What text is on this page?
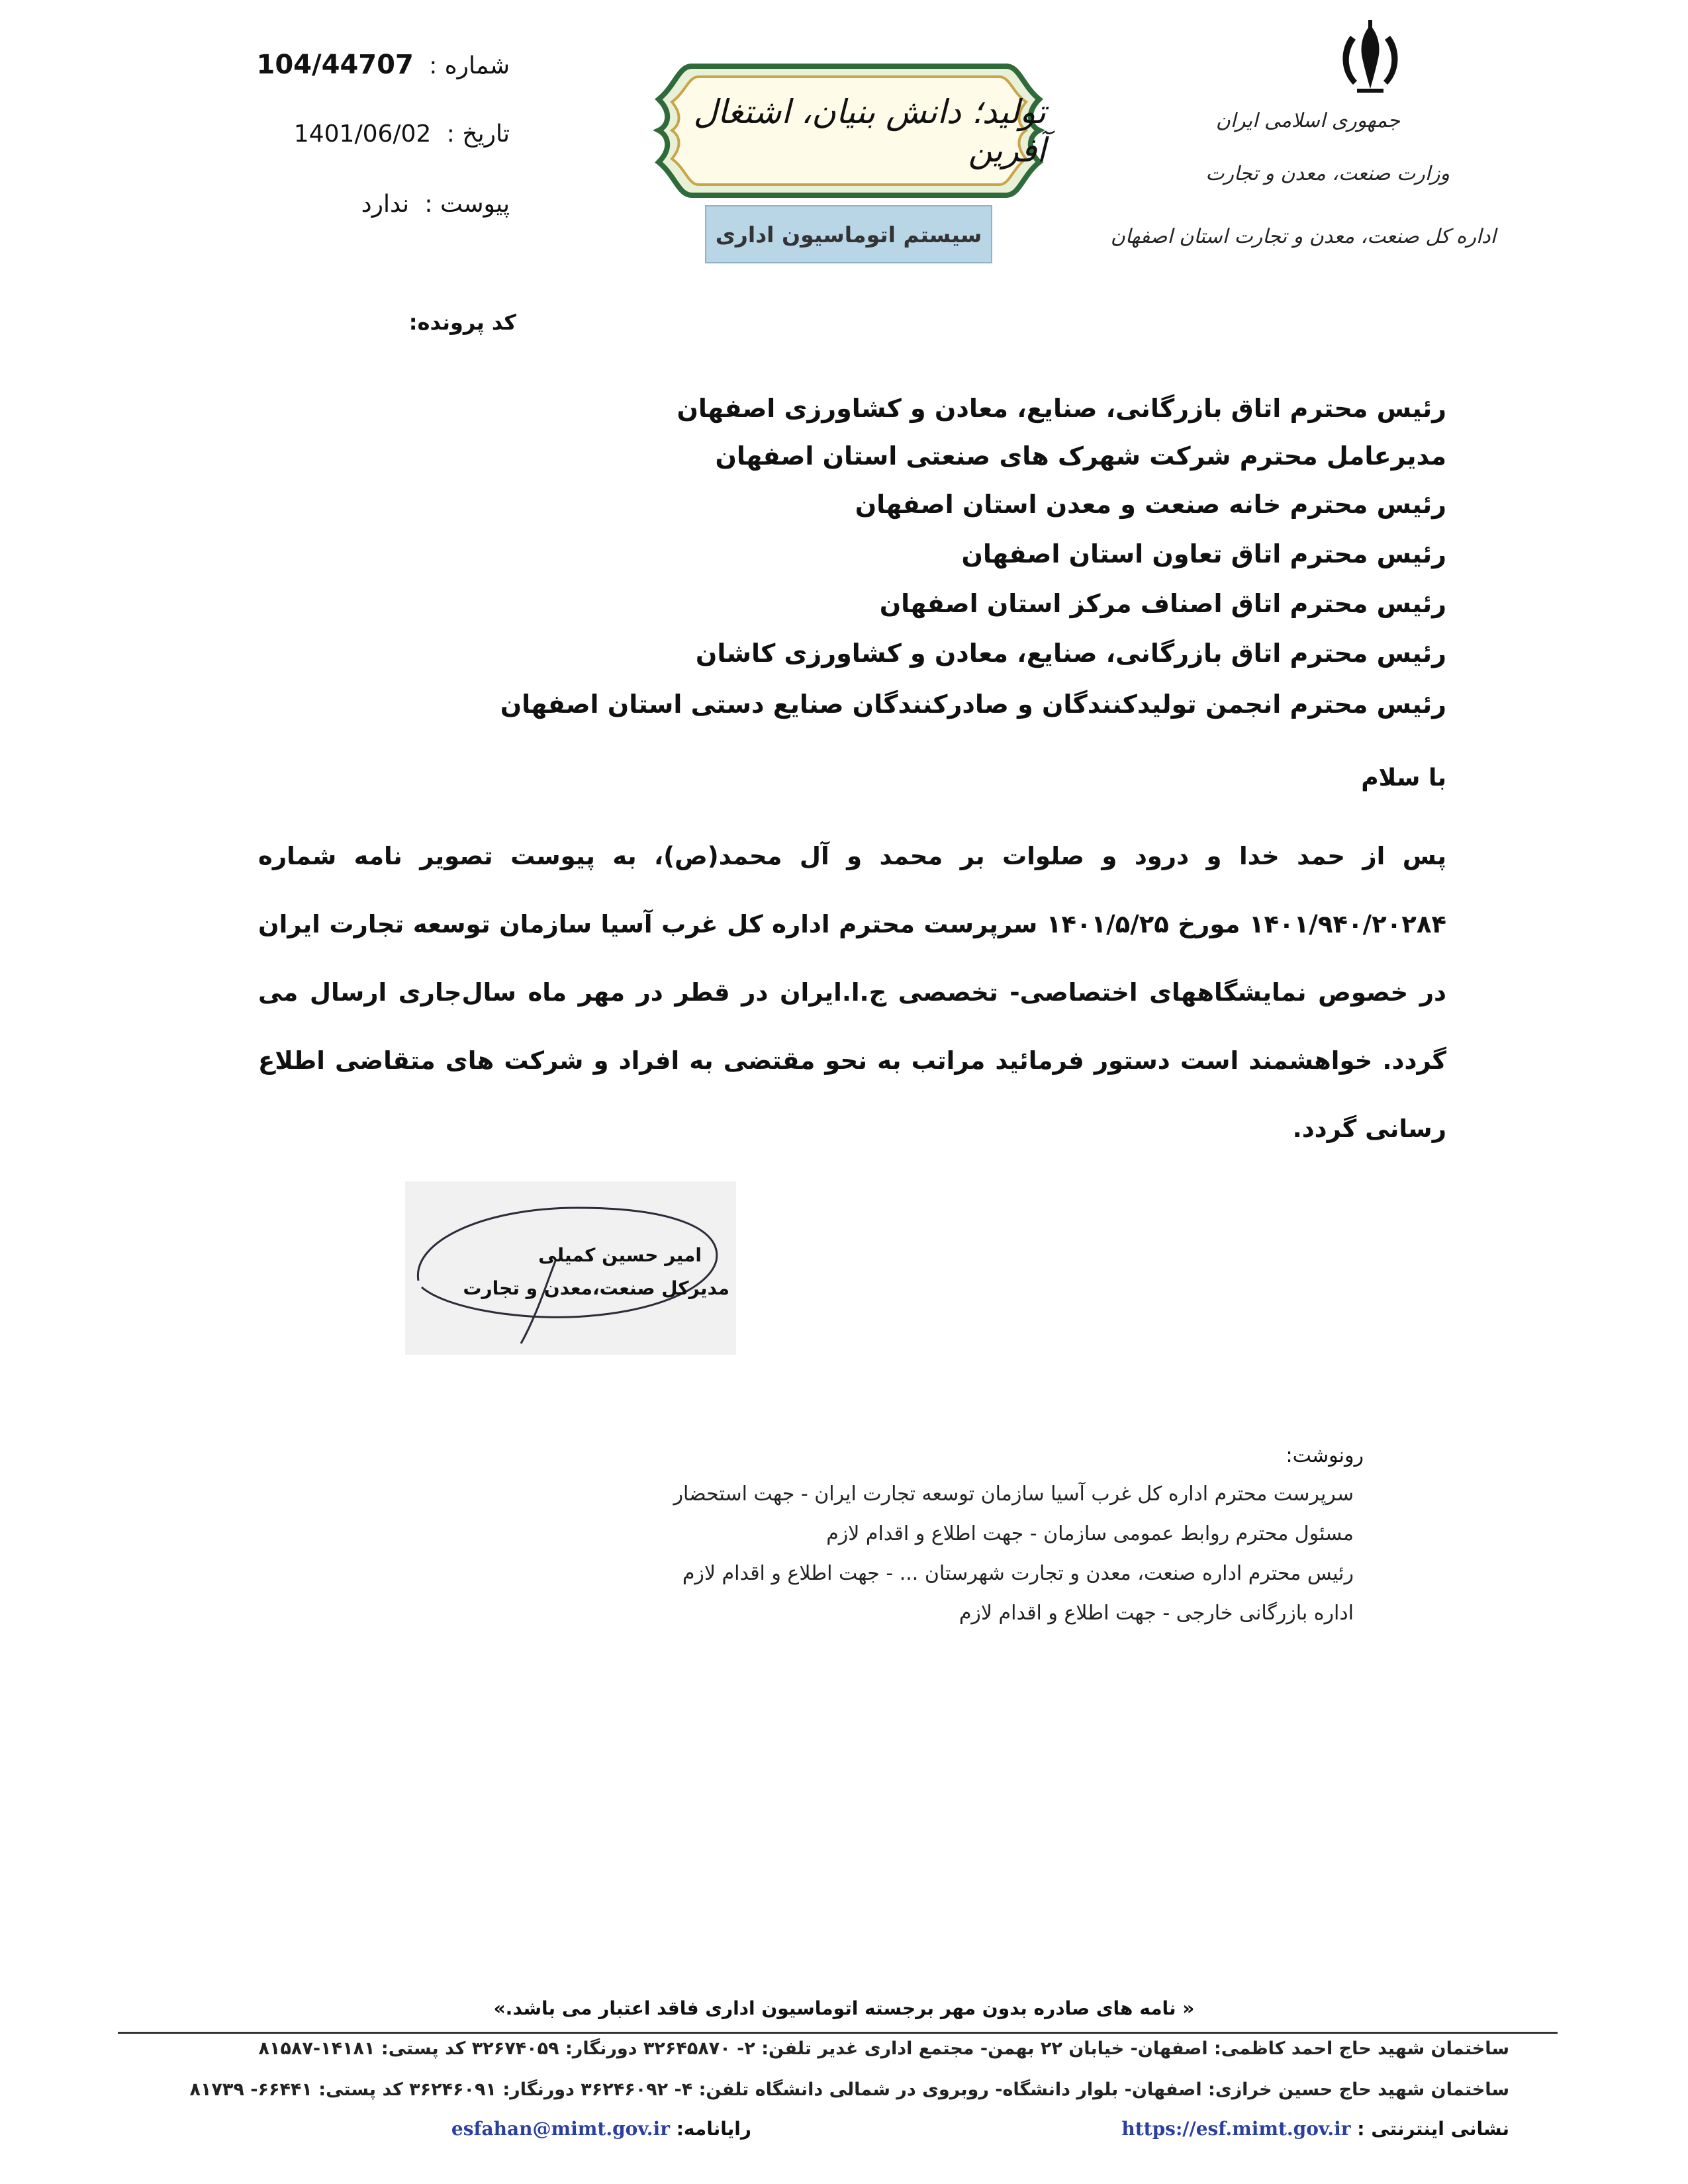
جمهوری اسلامی ایران
وزارت صنعت، معدن و تجارت
اداره کل صنعت، معدن و تجارت استان اصفهان
شماره : 104/44707
تاریخ : 1401/06/02
پیوست : ندارد
تولید؛ دانش بنیان، اشتغال آفرین
سیستم اتوماسیون اداری
کد پرونده:
رئیس محترم اتاق بازرگانی، صنایع، معادن و کشاورزی اصفهان
مدیرعامل محترم شرکت شهرک های صنعتی استان اصفهان
رئیس محترم خانه صنعت و معدن استان اصفهان
رئیس محترم اتاق تعاون استان اصفهان
رئیس محترم اتاق اصناف مرکز استان اصفهان
رئیس محترم اتاق بازرگانی، صنایع، معادن و کشاورزی کاشان
رئیس محترم انجمن تولیدکنندگان و صادرکنندگان صنایع دستی استان اصفهان
با سلام
پس از حمد خدا و درود و صلوات بر محمد و آل محمد(ص)، به پیوست تصویر نامه شماره ۱۴۰۱/۹۴۰/۲۰۲۸۴ مورخ ۱۴۰۱/۵/۲۵ سرپرست محترم اداره کل غرب آسیا سازمان توسعه تجارت ایران در خصوص نمایشگاههای اختصاصی- تخصصی ج.ا.ایران در قطر در مهر ماه سال‌جاری ارسال می گردد. خواهشمند است دستور فرمائید مراتب به نحو مقتضی به افراد و شرکت های متقاضی اطلاع رسانی گردد.
امیر حسین کمیلی
مدیرکل صنعت،معدن و تجارت
رونوشت:
سرپرست محترم اداره کل غرب آسیا سازمان توسعه تجارت ایران - جهت استحضار
مسئول محترم روابط عمومی سازمان - جهت اطلاع و اقدام لازم
رئیس محترم اداره صنعت، معدن و تجارت شهرستان ... - جهت اطلاع و اقدام لازم
اداره بازرگانی خارجی - جهت اطلاع و اقدام لازم
« نامه های صادره بدون مهر برجسته اتوماسیون اداری فاقد اعتبار می باشد.»
ساختمان شهید حاج احمد کاظمی: اصفهان- خیابان ۲۲ بهمن- مجتمع اداری غدیر تلفن: ۲- ۳۲۶۴۵۸۷۰ دورنگار: ۳۲۶۷۴۰۵۹ کد پستی: ۱۴۱۸۱-۸۱۵۸۷
ساختمان شهید حاج حسین خرازی: اصفهان- بلوار دانشگاه- روبروی در شمالی دانشگاه تلفن: ۴- ۳۶۲۴۶۰۹۲ دورنگار: ۳۶۲۴۶۰۹۱ کد پستی: ۶۶۴۴۱- ۸۱۷۳۹
نشانی اینترنتی : https://esf.mimt.gov.ir
رایانامه: esfahan@mimt.gov.ir
